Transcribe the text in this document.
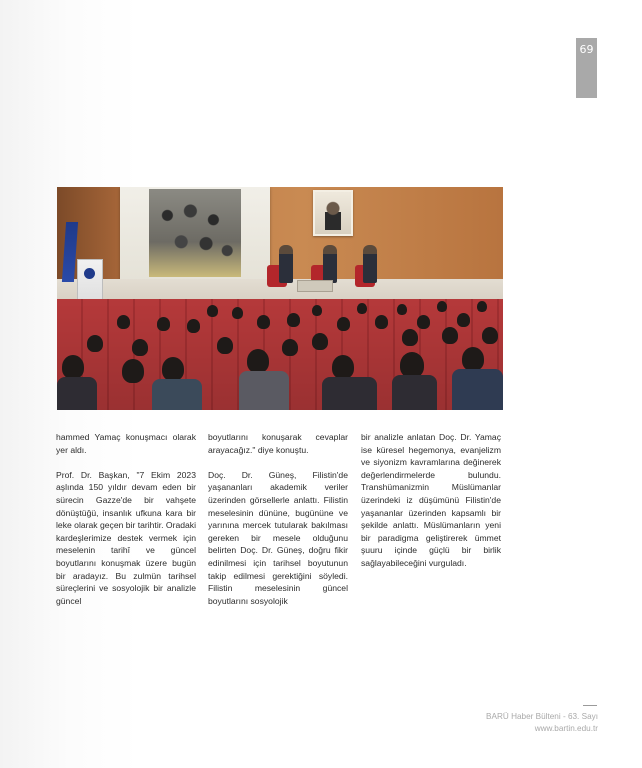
69

hammed Yamaç konuşmacı olarak yer aldı.

Prof. Dr. Başkan, "7 Ekim 2023 aşlında 150 yıldır devam eden bir sürecin Gazze'de bir vahşete dönüştüğü, insanlık ufkuna kara bir leke olarak geçen bir tarihtir. Oradaki kardeşlerimize destek vermek için meselenin tarihî ve güncel boyutlarını konuşmak üzere bugün bir aradayız. Bu zulmün tarihsel süreçlerini ve sosyolojik bir analizle güncel

boyutlarını konuşarak cevaplar arayacağız." diye konuştu.

Doç. Dr. Güneş, Filistin'de yaşananları akademik veriler üzerinden görsellerle anlattı. Filistin meselesinin dününe, bugününe ve yarınına mercek tutularak bakılması gereken bir mesele olduğunu belirten Doç. Dr. Güneş, doğru fikir edinilmesi için tarihsel boyutunun takip edilmesi gerektiğini söyledi. Filistin meselesinin güncel boyutlarını sosyolojik

bir analizle anlatan Doç. Dr. Yamaç ise küresel hegemonya, evanjelizm ve siyonizm kavramlarına değinerek değerlendirmelerde bulundu. Transhümanizmin Müslümanlar üzerindeki iz düşümünü Filistin'de yaşananlar üzerinden kapsamlı bir şekilde anlattı. Müslümanların yeni bir paradigma geliştirerek ümmet şuuru içinde güçlü bir birlik sağlayabileceğini vurguladı.

BARÜ Haber Bülteni - 63. Sayı
www.bartin.edu.tr
